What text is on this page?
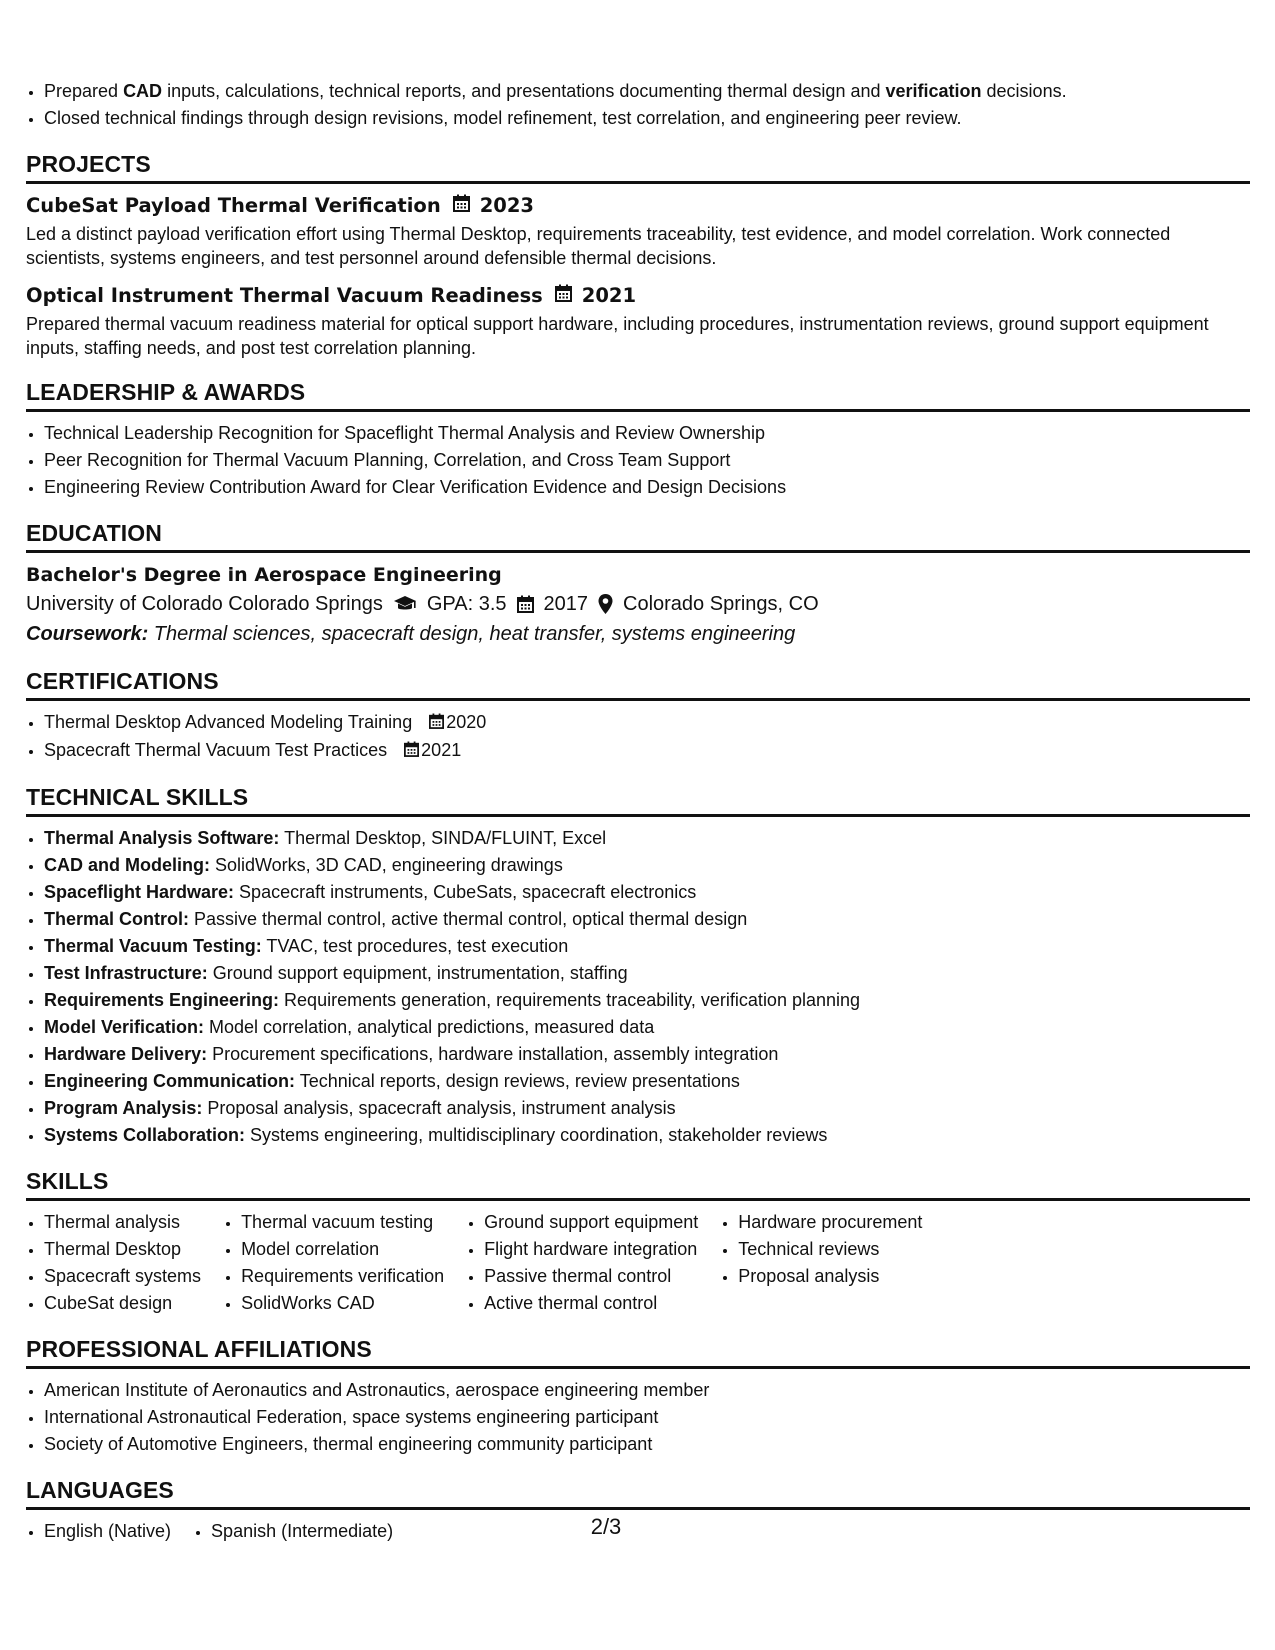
• Prepared CAD inputs, calculations, technical reports, and presentations documenting thermal design and verification decisions.
• Closed technical findings through design revisions, model refinement, test correlation, and engineering peer review.
PROJECTS
CubeSat Payload Thermal Verification 2023
Led a distinct payload verification effort using Thermal Desktop, requirements traceability, test evidence, and model correlation. Work connected scientists, systems engineers, and test personnel around defensible thermal decisions.
Optical Instrument Thermal Vacuum Readiness 2021
Prepared thermal vacuum readiness material for optical support hardware, including procedures, instrumentation reviews, ground support equipment inputs, staffing needs, and post test correlation planning.
LEADERSHIP & AWARDS
• Technical Leadership Recognition for Spaceflight Thermal Analysis and Review Ownership
• Peer Recognition for Thermal Vacuum Planning, Correlation, and Cross Team Support
• Engineering Review Contribution Award for Clear Verification Evidence and Design Decisions
EDUCATION
Bachelor's Degree in Aerospace Engineering
University of Colorado Colorado Springs GPA: 3.5 2017 Colorado Springs, CO
Coursework: Thermal sciences, spacecraft design, heat transfer, systems engineering
CERTIFICATIONS
• Thermal Desktop Advanced Modeling Training 2020
• Spacecraft Thermal Vacuum Test Practices 2021
TECHNICAL SKILLS
• Thermal Analysis Software: Thermal Desktop, SINDA/FLUINT, Excel
• CAD and Modeling: SolidWorks, 3D CAD, engineering drawings
• Spaceflight Hardware: Spacecraft instruments, CubeSats, spacecraft electronics
• Thermal Control: Passive thermal control, active thermal control, optical thermal design
• Thermal Vacuum Testing: TVAC, test procedures, test execution
• Test Infrastructure: Ground support equipment, instrumentation, staffing
• Requirements Engineering: Requirements generation, requirements traceability, verification planning
• Model Verification: Model correlation, analytical predictions, measured data
• Hardware Delivery: Procurement specifications, hardware installation, assembly integration
• Engineering Communication: Technical reports, design reviews, review presentations
• Program Analysis: Proposal analysis, spacecraft analysis, instrument analysis
• Systems Collaboration: Systems engineering, multidisciplinary coordination, stakeholder reviews
SKILLS
• Thermal analysis
• Thermal Desktop
• Spacecraft systems
• CubeSat design
• Thermal vacuum testing
• Model correlation
• Requirements verification
• SolidWorks CAD
• Ground support equipment
• Flight hardware integration
• Passive thermal control
• Active thermal control
• Hardware procurement
• Technical reviews
• Proposal analysis
PROFESSIONAL AFFILIATIONS
• American Institute of Aeronautics and Astronautics, aerospace engineering member
• International Astronautical Federation, space systems engineering participant
• Society of Automotive Engineers, thermal engineering community participant
LANGUAGES
• English (Native)
• Spanish (Intermediate)	2/3
